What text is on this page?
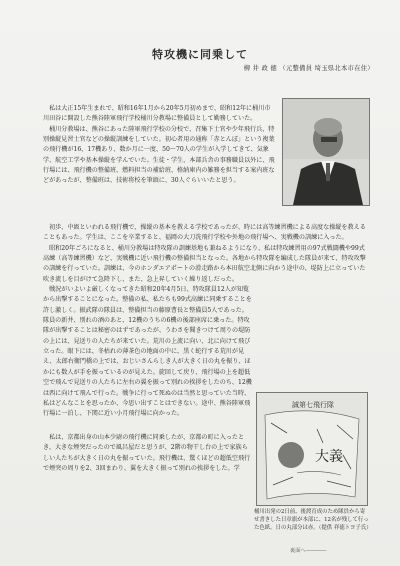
特攻機に同乗して
柳 井 政 徳 （元整備員 埼玉県北本市在住）

私は大正15年生まれで、昭和16年1月から20年5月初めまで、昭和12年に桶川市川田谷に開設した熊谷陸軍飛行学校桶川分教場に整備員として勤務していた。

桶川分教場は、熊谷にあった陸軍飛行学校の分校で、召集下士官や少年飛行兵、特別操縦見習士官などの操縦訓練をしていた。初心者用の通称「赤とんぼ」という複葉の飛行機が16、17機あり、数か月に一度、50〜70人の学生が入学してきて、気象学、航空工学や基本操縦を学んでいた。生徒・学生、本部兵舎の事務職員以外に、飛行場には、飛行機の整備班、燃料担当の補給班、格納庫内の雑務を担当する案内班などがあったが、整備班は、技術将校を筆頭に、30人ぐらいいたと思う。

初歩、中級といわれる飛行機で、操縦の基本を教える学校であったが、時には高等練習機による高度な操縦を教えることもあった。学生は、ここを卒業すると、福岡の大刀洗飛行学校や外地の飛行場へ、実戦機の訓練に入った。

昭和20年ごろになると、桶川分教場は特攻隊の訓練基地も兼ねるようになり、私は特攻練習用の97式戦闘機や99式高練（高等練習機）など、実戦機に近い飛行機の整備担当となった。各地から特攻隊を編成した隊員が来て、特攻攻撃の訓練を行っていた。訓練は、今のホンダエアポートの滑走路から本田航空北側に向かう途中の、堤防上に立っていた吹き流しを目がけて急降下し、また、急上昇していく繰り返しだった。

戦況がいよいよ厳しくなってきた昭和20年4月5日、特攻隊員12人が知覧から出撃することになった。整備の私、私たちも99式高練に同乗することを許し激しく。振武隊の隊員は、整備担当の藤原曹長と整備員5人であった。隊員の新井、別れの酒のあと、12機のうちの6機の後部座席に乗った。特攻隊が出撃することは秘密のはずであったが、うわさを聞きつけて周りの堤防の上には、見送りの人たちが来ていた。荒川の上流に向い、北に向けて飛び立った。眼下には、冬枯れの薄茶色の地面の中に、黒く蛇行する荒川が見え、太郎右衛門橋の上では、おじいさんらしき人が大きく日の丸を振り、ほかにも数人が手を振っているのが見えた。旋回して戻り、飛行場の上を超低空で飛んで見送りの人たちに左右の翼を振って別れの挨拶をしたのち、12機は西に向けて飛んで行った。戦争に行って死ぬのは当然と思っていた当時、私はどんなことを思ったか、今思い出すことはできない。途中、熊谷陸軍飛行場に一泊し、下関に近い小月飛行場に向かった。

私は、京都出身の山本少尉の飛行機に同乗したが、京都の町に入ったとき、大きな煙突だったので風呂屋だと思うが、2階の物干し台の上で家族らしい人たちが大きく日の丸を振っていた。飛行機は、驚くほどの超低空飛行で煙突の周りを2、3回まわり、翼を大きく振って別れの挨拶をした。学

誠第七飛行隊
大義
桶川出発の2日前、後渡育成のため隊員から寄せ書きした日章旗が本部に、12名が残して行った色紙。日の丸部分は赤。（提供 祥徳トヨ子氏）
裏面へ――――
